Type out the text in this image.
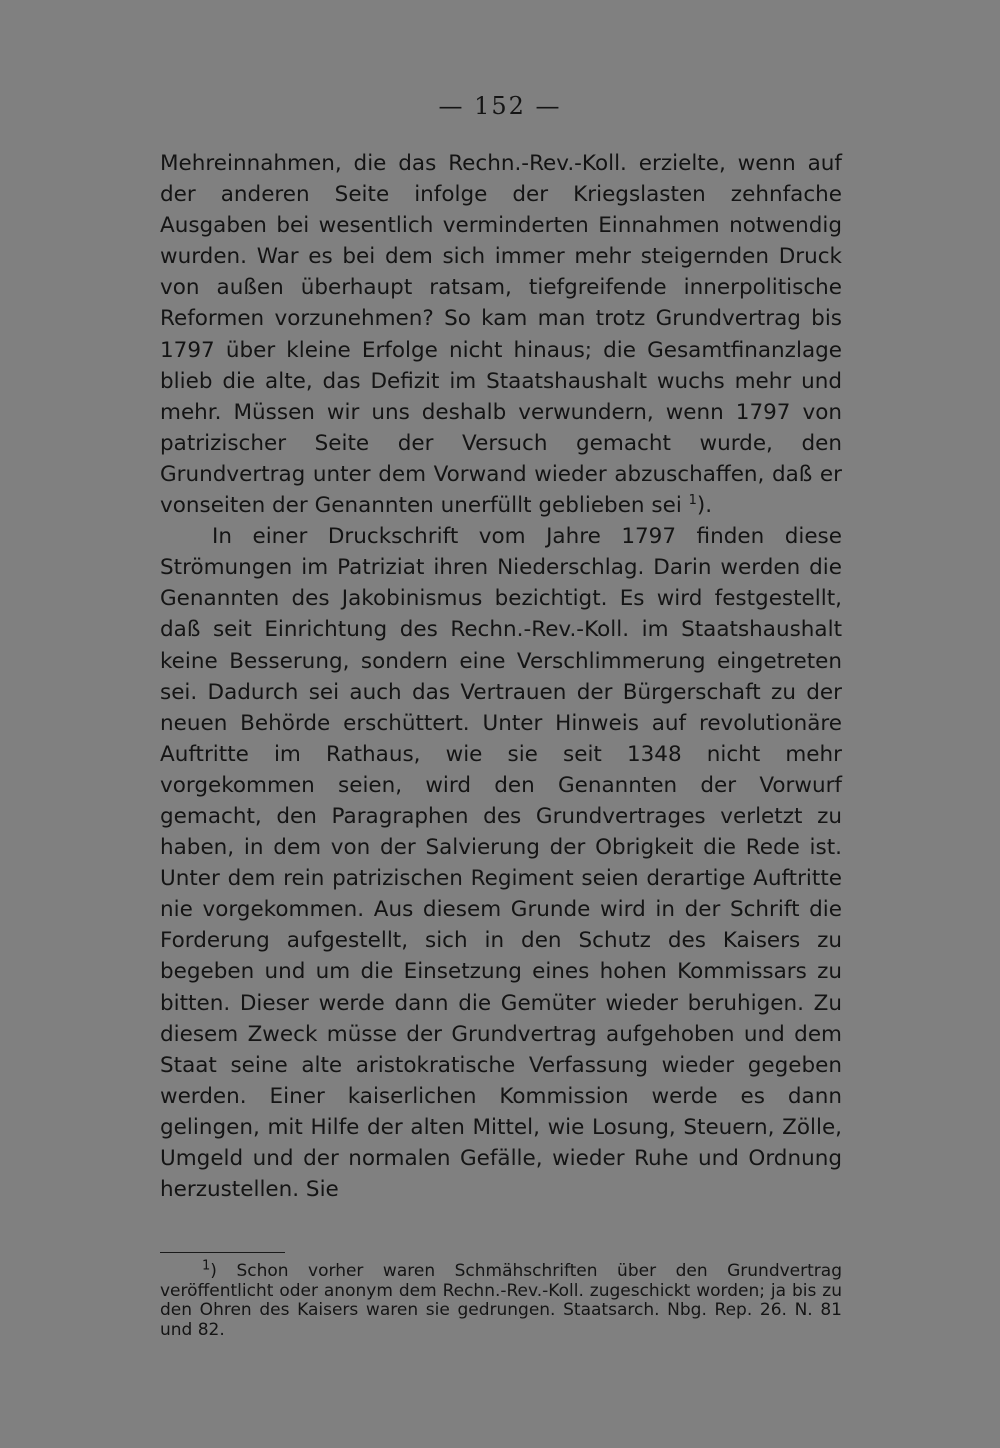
— 152 —

Mehreinnahmen, die das Rechn.-Rev.-Koll. erzielte, wenn auf der anderen Seite infolge der Kriegslasten zehnfache Ausgaben bei wesentlich verminderten Einnahmen notwendig wurden. War es bei dem sich immer mehr steigernden Druck von außen überhaupt ratsam, tiefgreifende innerpolitische Reformen vorzunehmen? So kam man trotz Grundvertrag bis 1797 über kleine Erfolge nicht hinaus; die Gesamtfinanzlage blieb die alte, das Defizit im Staatshaushalt wuchs mehr und mehr. Müssen wir uns deshalb verwundern, wenn 1797 von patrizischer Seite der Versuch gemacht wurde, den Grundvertrag unter dem Vorwand wieder abzuschaffen, daß er vonseiten der Genannten unerfüllt geblieben sei $^1$).

In einer Druckschrift vom Jahre 1797 finden diese Strömungen im Patriziat ihren Niederschlag. Darin werden die Genannten des Jakobinismus bezichtigt. Es wird festgestellt, daß seit Einrichtung des Rechn.-Rev.-Koll. im Staatshaushalt keine Besserung, sondern eine Verschlimmerung eingetreten sei. Dadurch sei auch das Vertrauen der Bürgerschaft zu der neuen Behörde erschüttert. Unter Hinweis auf revolutionäre Auftritte im Rathaus, wie sie seit 1348 nicht mehr vorgekommen seien, wird den Genannten der Vorwurf gemacht, den Paragraphen des Grundvertrages verletzt zu haben, in dem von der Salvierung der Obrigkeit die Rede ist. Unter dem rein patrizischen Regiment seien derartige Auftritte nie vorgekommen. Aus diesem Grunde wird in der Schrift die Forderung aufgestellt, sich in den Schutz des Kaisers zu begeben und um die Einsetzung eines hohen Kommissars zu bitten. Dieser werde dann die Gemüter wieder beruhigen. Zu diesem Zweck müsse der Grundvertrag aufgehoben und dem Staat seine alte aristokratische Verfassung wieder gegeben werden. Einer kaiserlichen Kommission werde es dann gelingen, mit Hilfe der alten Mittel, wie Losung, Steuern, Zölle, Umgeld und der normalen Gefälle, wieder Ruhe und Ordnung herzustellen. Sie

$^1$) Schon vorher waren Schmähschriften über den Grundvertrag veröffentlicht oder anonym dem Rechn.-Rev.-Koll. zugeschickt worden; ja bis zu den Ohren des Kaisers waren sie gedrungen. Staatsarch. Nbg. Rep. 26. N. 81 und 82.
